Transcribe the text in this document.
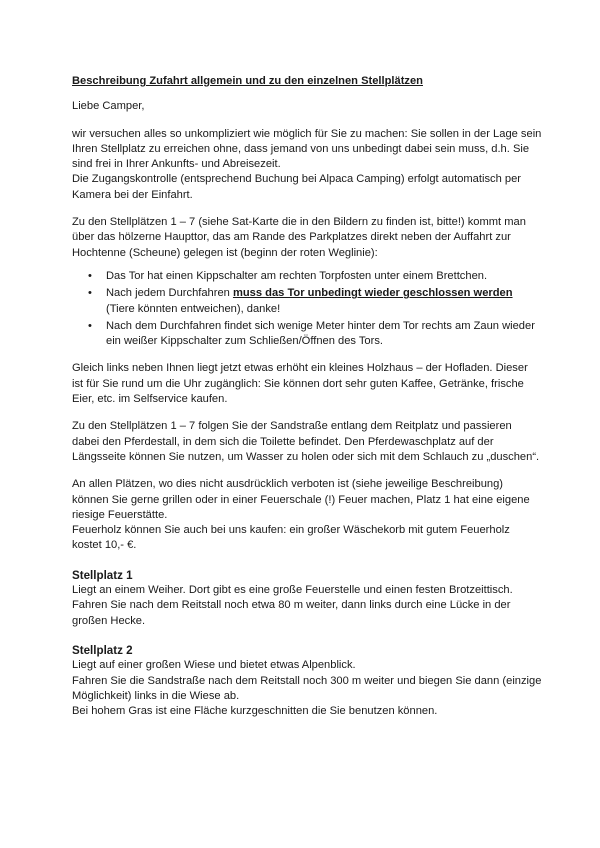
Beschreibung Zufahrt allgemein und zu den einzelnen Stellplätzen

Liebe Camper,

wir versuchen alles so unkompliziert wie möglich für Sie zu machen: Sie sollen in der Lage sein Ihren Stellplatz zu erreichen ohne, dass jemand von uns unbedingt dabei sein muss, d.h. Sie sind frei in Ihrer Ankunfts- und Abreisezeit.

Die Zugangskontrolle (entsprechend Buchung bei Alpaca Camping) erfolgt automatisch per Kamera bei der Einfahrt.

Zu den Stellplätzen 1 – 7 (siehe Sat-Karte die in den Bildern zu finden ist, bitte!) kommt man über das hölzerne Haupttor, das am Rande des Parkplatzes direkt neben der Auffahrt zur Hochtenne (Scheune) gelegen ist (beginn der roten Weglinie):

• Das Tor hat einen Kippschalter am rechten Torpfosten unter einem Brettchen.
• Nach jedem Durchfahren muss das Tor unbedingt wieder geschlossen werden (Tiere könnten entweichen), danke!
• Nach dem Durchfahren findet sich wenige Meter hinter dem Tor rechts am Zaun wieder ein weißer Kippschalter zum Schließen/Öffnen des Tors.

Gleich links neben Ihnen liegt jetzt etwas erhöht ein kleines Holzhaus – der Hofladen. Dieser ist für Sie rund um die Uhr zugänglich: Sie können dort sehr guten Kaffee, Getränke, frische Eier, etc. im Selfservice kaufen.

Zu den Stellplätzen 1 – 7 folgen Sie der Sandstraße entlang dem Reitplatz und passieren dabei den Pferdestall, in dem sich die Toilette befindet. Den Pferdewaschplatz auf der Längsseite können Sie nutzen, um Wasser zu holen oder sich mit dem Schlauch zu „duschen“.

An allen Plätzen, wo dies nicht ausdrücklich verboten ist (siehe jeweilige Beschreibung) können Sie gerne grillen oder in einer Feuerschale (!) Feuer machen, Platz 1 hat eine eigene riesige Feuerstätte.

Feuerholz können Sie auch bei uns kaufen: ein großer Wäschekorb mit gutem Feuerholz kostet 10,- €.

Stellplatz 1

Liegt an einem Weiher. Dort gibt es eine große Feuerstelle und einen festen Brotzeittisch.

Fahren Sie nach dem Reitstall noch etwa 80 m weiter, dann links durch eine Lücke in der großen Hecke.

Stellplatz 2

Liegt auf einer großen Wiese und bietet etwas Alpenblick.

Fahren Sie die Sandstraße nach dem Reitstall noch 300 m weiter und biegen Sie dann (einzige Möglichkeit) links in die Wiese ab.

Bei hohem Gras ist eine Fläche kurzgeschnitten die Sie benutzen können.
